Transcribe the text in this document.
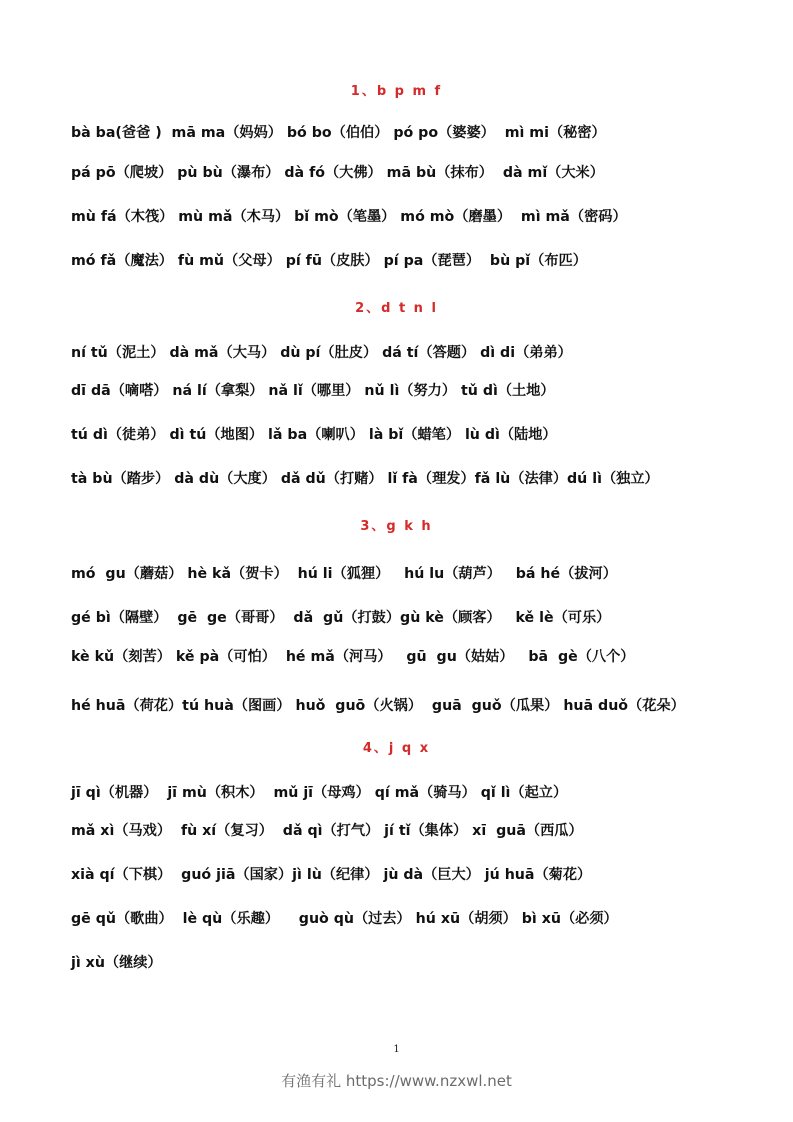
1、b p m f
bà ba(爸爸 )  mā ma（妈妈） bó bo（伯伯） pó po（婆婆）  mì mi（秘密）
pá pō（爬坡） pù bù（瀑布） dà fó（大佛） mā bù（抹布）  dà mǐ（大米）
mù fá（木筏） mù mǎ（木马） bǐ mò（笔墨） mó mò（磨墨）  mì mǎ（密码）
mó fǎ（魔法） fù mǔ（父母） pí fū（皮肤） pí pa（琵琶）  bù pǐ（布匹）
2、d t n l
ní tǔ（泥土） dà mǎ（大马） dù pí（肚皮） dá tí（答题） dì di（弟弟）
dī dā（嘀嗒） ná lí（拿梨） nǎ lǐ（哪里） nǔ lì（努力） tǔ dì（土地）
tú dì（徒弟） dì tú（地图） lǎ ba（喇叭） là bǐ（蜡笔） lù dì（陆地）
tà bù（踏步） dà dù（大度） dǎ dǔ（打赌） lǐ fà（理发）fǎ lù（法律）dú lì（独立）
3、g k h
mó  gu（蘑菇） hè kǎ（贺卡）  hú li（狐狸）   hú lu（葫芦）   bá hé（拔河）
gé bì（隔壁）  gē  ge（哥哥）  dǎ  gǔ（打鼓）gù kè（顾客）   kě lè（可乐）
kè kǔ（刻苦） kě pà（可怕）  hé mǎ（河马）   gū  gu（姑姑）   bā  gè（八个）
hé huā（荷花）tú huà（图画） huǒ  guō（火锅）  guā  guǒ（瓜果） huā duǒ（花朵）
4、j q x
jī qì（机器）  jī mù（积木）  mǔ jī（母鸡） qí mǎ（骑马） qǐ lì（起立）
mǎ xì（马戏）  fù xí（复习）  dǎ qì（打气） jí tǐ（集体） xī  guā（西瓜）
xià qí（下棋）  guó jiā（国家）jì lù（纪律） jù dà（巨大） jú huā（菊花）
gē qǔ（歌曲）  lè qù（乐趣）    guò qù（过去） hú xū（胡须） bì xū（必须）
jì xù（继续）
1
有渔有礼 https://www.nzxwl.net
